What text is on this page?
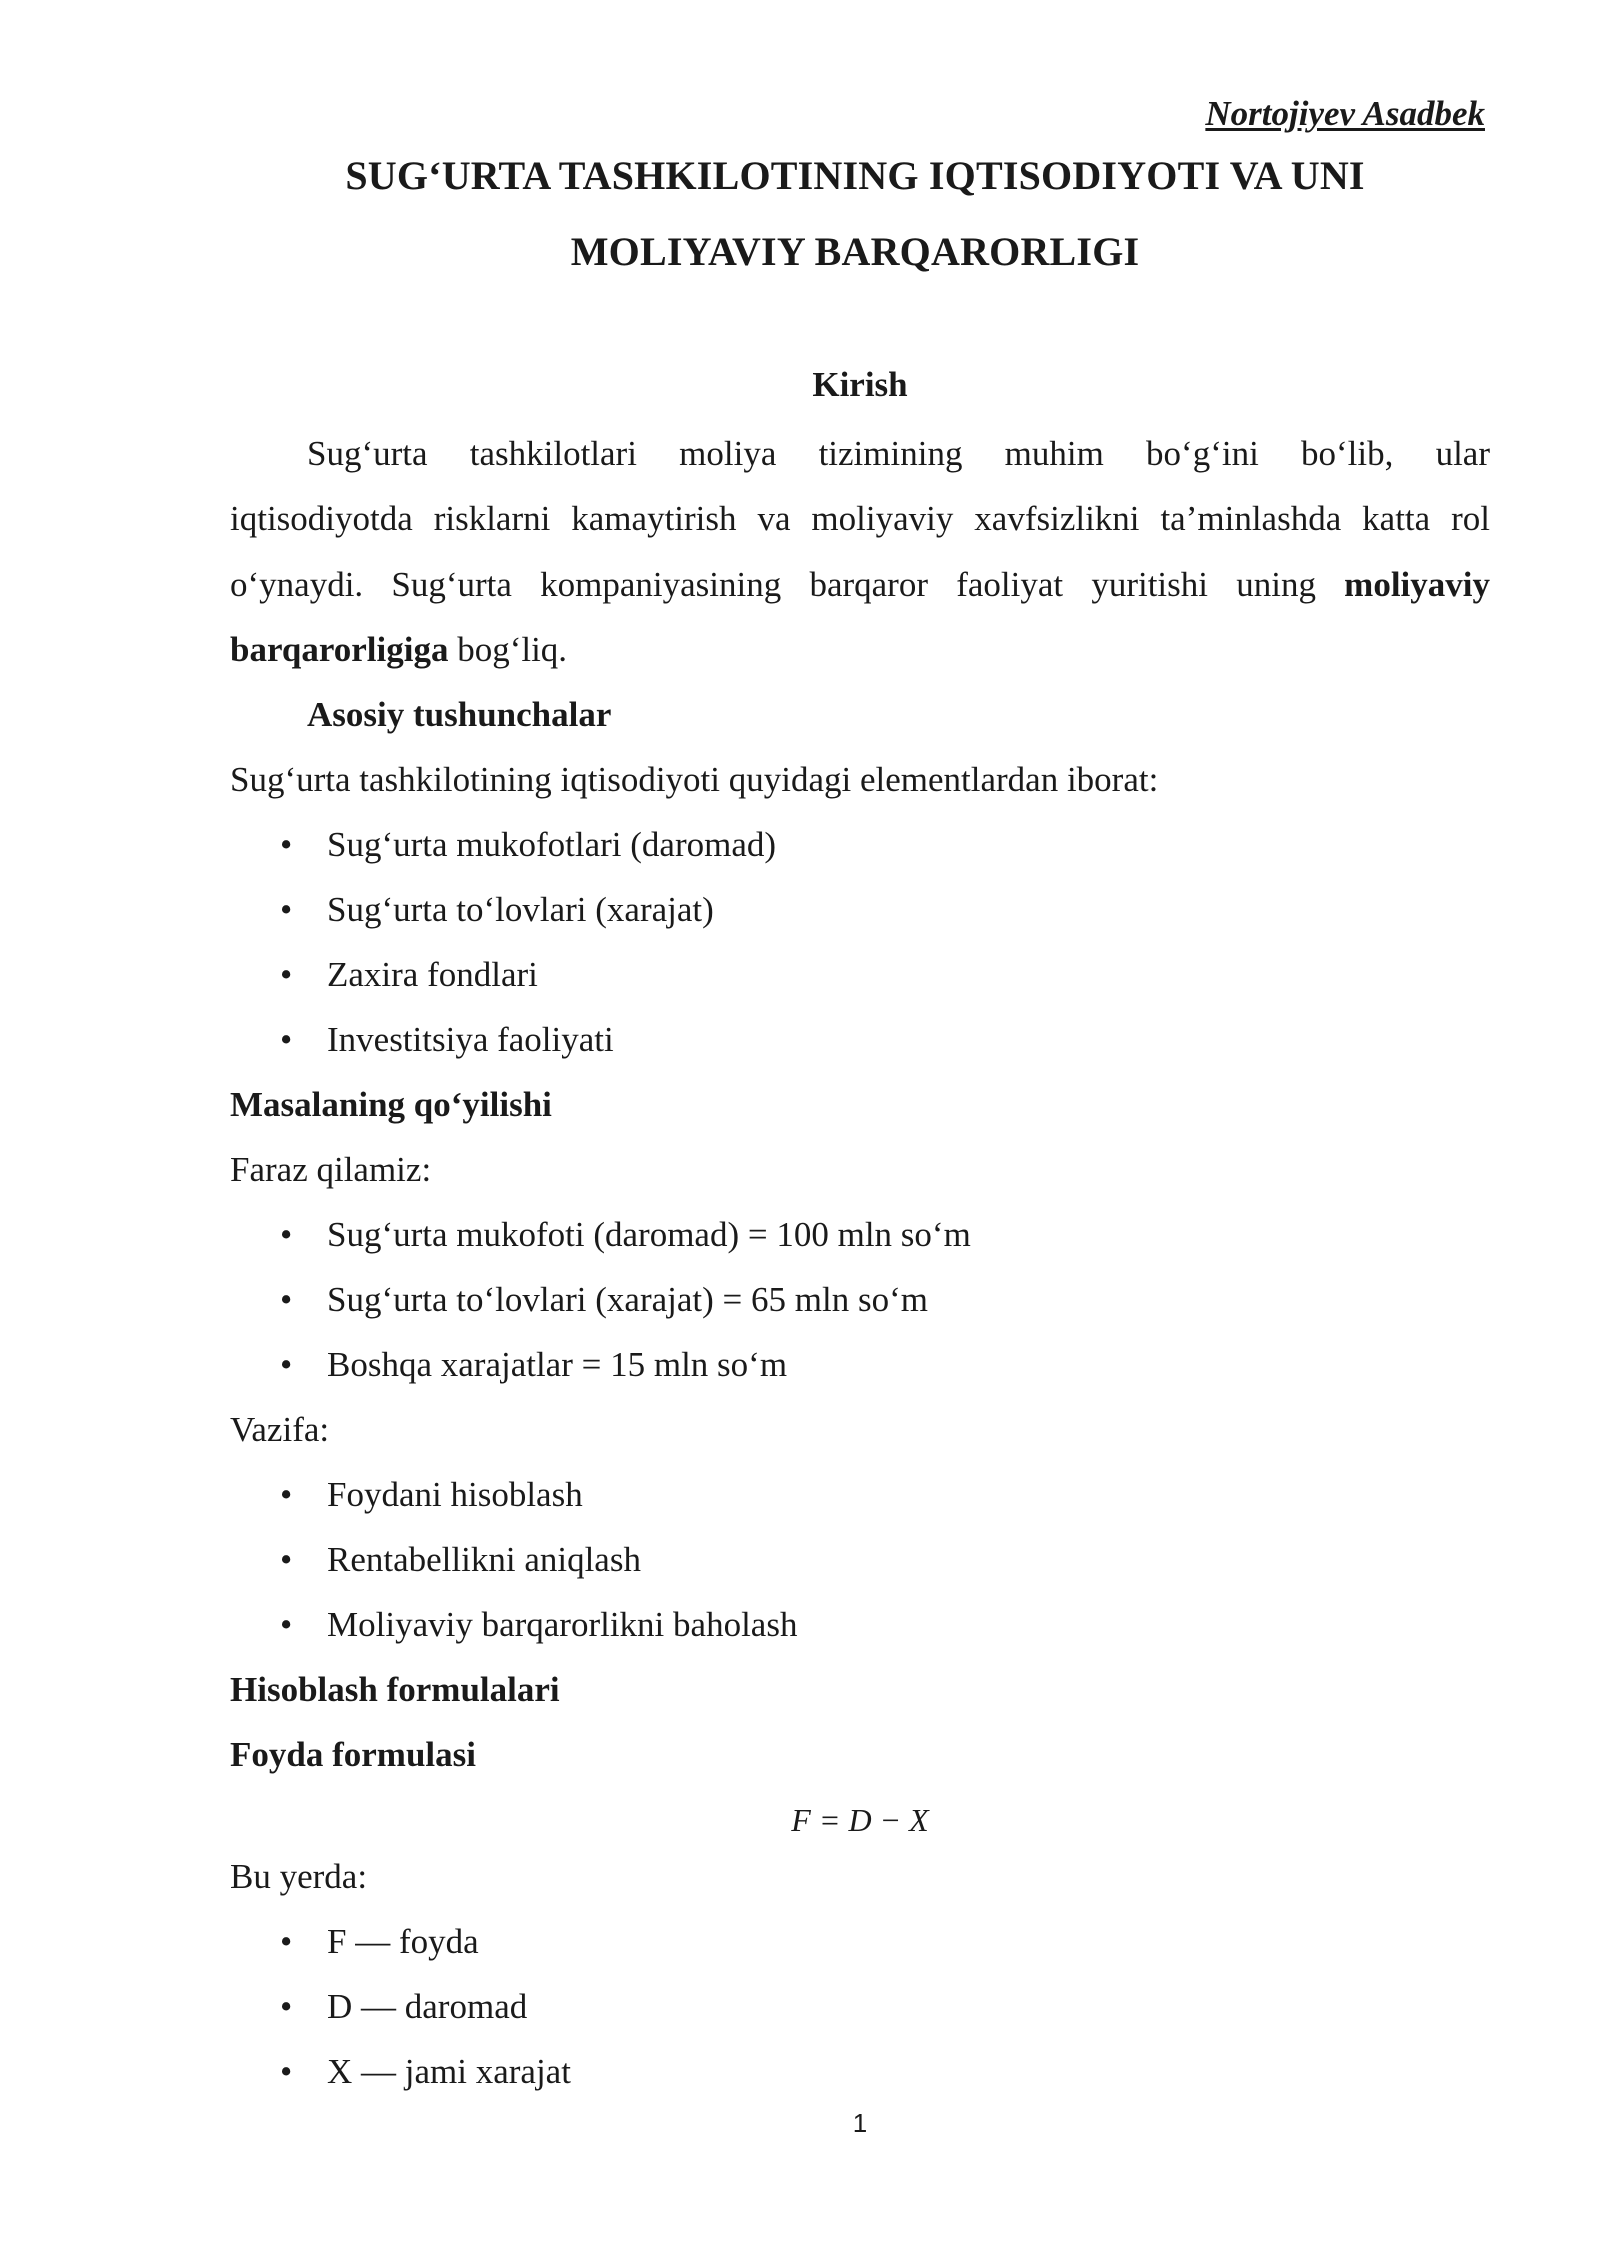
Nortojiyev Asadbek
SUG‘URTA TASHKILOTINING IQTISODIYOTI VA UNI
MOLIYAVIY BARQARORLIGI
Kirish
Sug‘urta tashkilotlari moliya tizimining muhim bo‘g‘ini bo‘lib, ular
iqtisodiyotda risklarni kamaytirish va moliyaviy xavfsizlikni ta’minlashda katta rol
o‘ynaydi. Sug‘urta kompaniyasining barqaror faoliyat yuritishi uning moliyaviy
barqarorligiga bog‘liq.
Asosiy tushunchalar
Sug‘urta tashkilotining iqtisodiyoti quyidagi elementlardan iborat:
• Sug‘urta mukofotlari (daromad)
• Sug‘urta to‘lovlari (xarajat)
• Zaxira fondlari
• Investitsiya faoliyati
Masalaning qo‘yilishi
Faraz qilamiz:
• Sug‘urta mukofoti (daromad) = 100 mln so‘m
• Sug‘urta to‘lovlari (xarajat) = 65 mln so‘m
• Boshqa xarajatlar = 15 mln so‘m
Vazifa:
• Foydani hisoblash
• Rentabellikni aniqlash
• Moliyaviy barqarorlikni baholash
Hisoblash formulalari
Foyda formulasi
F = D − X
Bu yerda:
• F — foyda
• D — daromad
• X — jami xarajat
1
